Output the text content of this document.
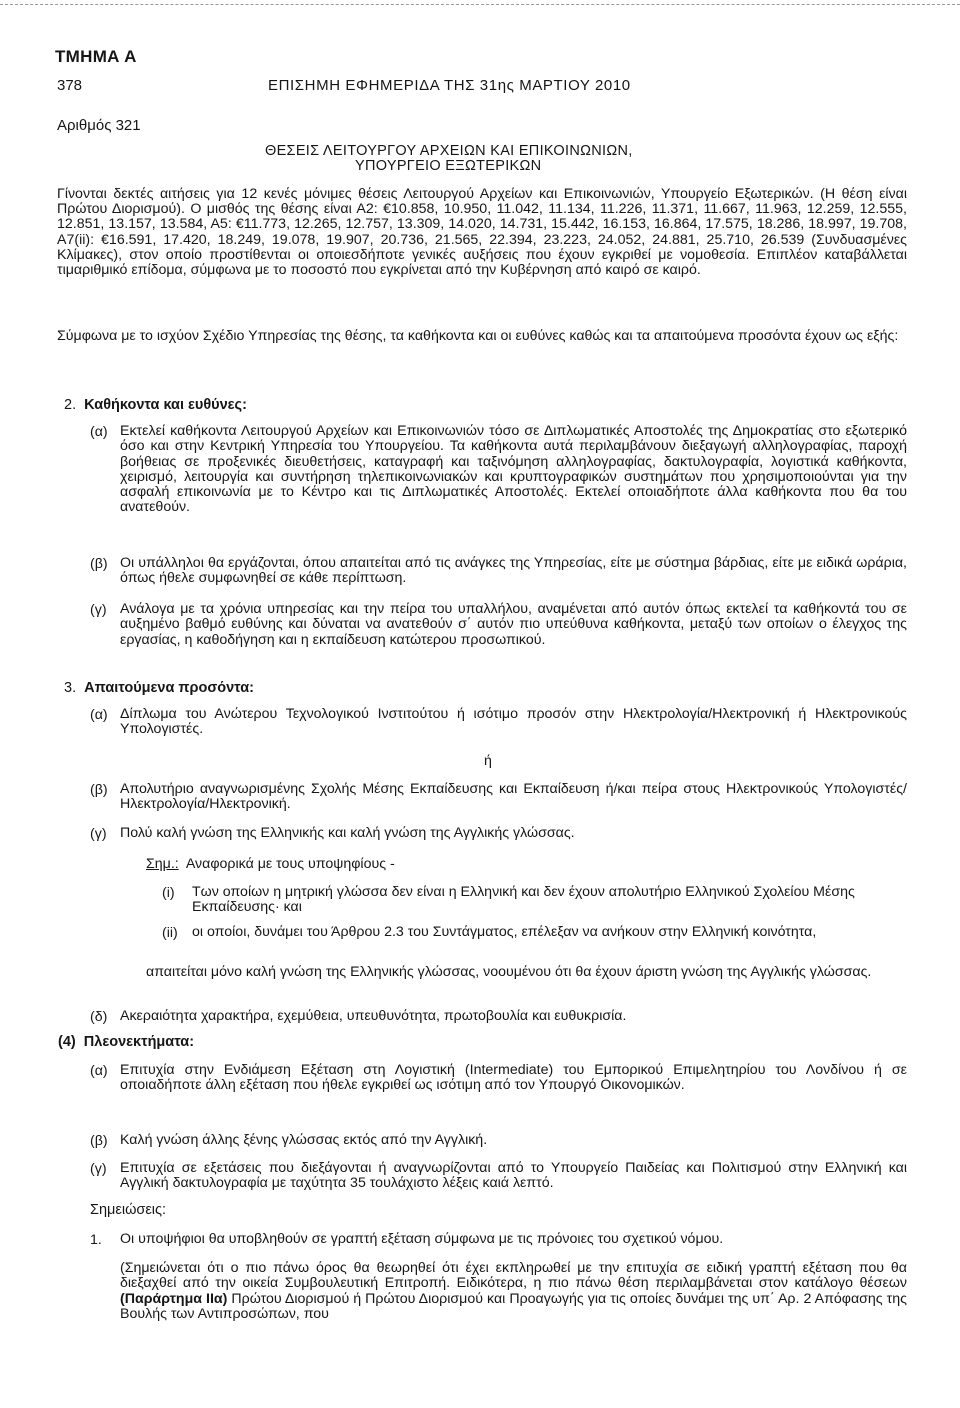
ΤΜΗΜΑ Α
378	ΕΠΙΣΗΜΗ ΕΦΗΜΕΡΙΔΑ ΤΗΣ 31ης ΜΑΡΤΙΟΥ 2010
Αριθμός 321
ΘΕΣΕΙΣ ΛΕΙΤΟΥΡΓΟΥ ΑΡΧΕΙΩΝ ΚΑΙ ΕΠΙΚΟΙΝΩΝΙΩΝ,
ΥΠΟΥΡΓΕΙΟ ΕΞΩΤΕΡΙΚΩΝ
Γίνονται δεκτές αιτήσεις για 12 κενές μόνιμες θέσεις Λειτουργού Αρχείων και Επικοινωνιών, Υπουργείο Εξωτερικών. (Η θέση είναι Πρώτου Διορισμού). Ο μισθός της θέσης είναι Α2: €10.858, 10.950, 11.042, 11.134, 11.226, 11.371, 11.667, 11.963, 12.259, 12.555, 12.851, 13.157, 13.584, Α5: €11.773, 12.265, 12.757, 13.309, 14.020, 14.731, 15.442, 16.153, 16.864, 17.575, 18.286, 18.997, 19.708, Α7(ii): €16.591, 17.420, 18.249, 19.078, 19.907, 20.736, 21.565, 22.394, 23.223, 24.052, 24.881, 25.710, 26.539 (Συνδυασμένες Κλίμακες), στον οποίο προστίθενται οι οποιεσδήποτε γενικές αυξήσεις που έχουν εγκριθεί με νομοθεσία. Επιπλέον καταβάλλεται τιμαριθμικό επίδομα, σύμφωνα με το ποσοστό που εγκρίνεται από την Κυβέρνηση από καιρό σε καιρό.
Σύμφωνα με το ισχύον Σχέδιο Υπηρεσίας της θέσης, τα καθήκοντα και οι ευθύνες καθώς και τα απαιτούμενα προσόντα έχουν ως εξής:
2. Καθήκοντα και ευθύνες:
(α) Εκτελεί καθήκοντα Λειτουργού Αρχείων και Επικοινωνιών τόσο σε Διπλωματικές Αποστολές της Δημοκρατίας στο εξωτερικό όσο και στην Κεντρική Υπηρεσία του Υπουργείου. Τα καθήκοντα αυτά περιλαμβάνουν διεξαγωγή αλληλογραφίας, παροχή βοήθειας σε προξενικές διευθετήσεις, καταγραφή και ταξινόμηση αλληλογραφίας, δακτυλογραφία, λογιστικά καθήκοντα, χειρισμό, λειτουργία και συντήρηση τηλεπικοινωνιακών και κρυπτογραφικών συστημάτων που χρησιμοποιούνται για την ασφαλή επικοινωνία με το Κέντρο και τις Διπλωματικές Αποστολές. Εκτελεί οποιαδήποτε άλλα καθήκοντα που θα του ανατεθούν.
(β) Οι υπάλληλοι θα εργάζονται, όπου απαιτείται από τις ανάγκες της Υπηρεσίας, είτε με σύστημα βάρδιας, είτε με ειδικά ωράρια, όπως ήθελε συμφωνηθεί σε κάθε περίπτωση.
(γ) Ανάλογα με τα χρόνια υπηρεσίας και την πείρα του υπαλλήλου, αναμένεται από αυτόν όπως εκτελεί τα καθήκοντά του σε αυξημένο βαθμό ευθύνης και δύναται να ανατεθούν σ΄ αυτόν πιο υπεύθυνα καθήκοντα, μεταξύ των οποίων ο έλεγχος της εργασίας, η καθοδήγηση και η εκπαίδευση κατώτερου προσωπικού.
3. Απαιτούμενα προσόντα:
(α) Δίπλωμα του Ανώτερου Τεχνολογικού Ινστιτούτου ή ισότιμο προσόν στην Ηλεκτρολογία/Ηλεκτρονική ή Ηλεκτρονικούς Υπολογιστές.
ή
(β) Απολυτήριο αναγνωρισμένης Σχολής Μέσης Εκπαίδευσης και Εκπαίδευση ή/και πείρα στους Ηλεκτρονικούς Υπολογιστές/Ηλεκτρολογία/Ηλεκτρονική.
(γ) Πολύ καλή γνώση της Ελληνικής και καλή γνώση της Αγγλικής γλώσσας.
Σημ.: Αναφορικά με τους υποψηφίους -
(i) Των οποίων η μητρική γλώσσα δεν είναι η Ελληνική και δεν έχουν απολυτήριο Ελληνικού Σχολείου Μέσης Εκπαίδευσης· και
(ii) οι οποίοι, δυνάμει του Άρθρου 2.3 του Συντάγματος, επέλεξαν να ανήκουν στην Ελληνική κοινότητα,
απαιτείται μόνο καλή γνώση της Ελληνικής γλώσσας, νοουμένου ότι θα έχουν άριστη γνώση της Αγγλικής γλώσσας.
(δ) Ακεραιότητα χαρακτήρα, εχεμύθεια, υπευθυνότητα, πρωτοβουλία και ευθυκρισία.
(4) Πλεονεκτήματα:
(α) Επιτυχία στην Ενδιάμεση Εξέταση στη Λογιστική (Intermediate) του Εμπορικού Επιμελητηρίου του Λονδίνου ή σε οποιαδήποτε άλλη εξέταση που ήθελε εγκριθεί ως ισότιμη από τον Υπουργό Οικονομικών.
(β) Καλή γνώση άλλης ξένης γλώσσας εκτός από την Αγγλική.
(γ) Επιτυχία σε εξετάσεις που διεξάγονται ή αναγνωρίζονται από το Υπουργείο Παιδείας και Πολιτισμού στην Ελληνική και Αγγλική δακτυλογραφία με ταχύτητα 35 τουλάχιστο λέξεις καιά λεπτό.
Σημειώσεις:
1. Οι υποψήφιοι θα υποβληθούν σε γραπτή εξέταση σύμφωνα με τις πρόνοιες του σχετικού νόμου.
(Σημειώνεται ότι ο πιο πάνω όρος θα θεωρηθεί ότι έχει εκπληρωθεί με την επιτυχία σε ειδική γραπτή εξέταση που θα διεξαχθεί από την οικεία Συμβουλευτική Επιτροπή. Ειδικότερα, η πιο πάνω θέση περιλαμβάνεται στον κατάλογο θέσεων (Παράρτημα IIα) Πρώτου Διορισμού ή Πρώτου Διορισμού και Προαγωγής για τις οποίες δυνάμει της υπ΄ Αρ. 2 Απόφασης της Βουλής των Αντιπροσώπων, που
